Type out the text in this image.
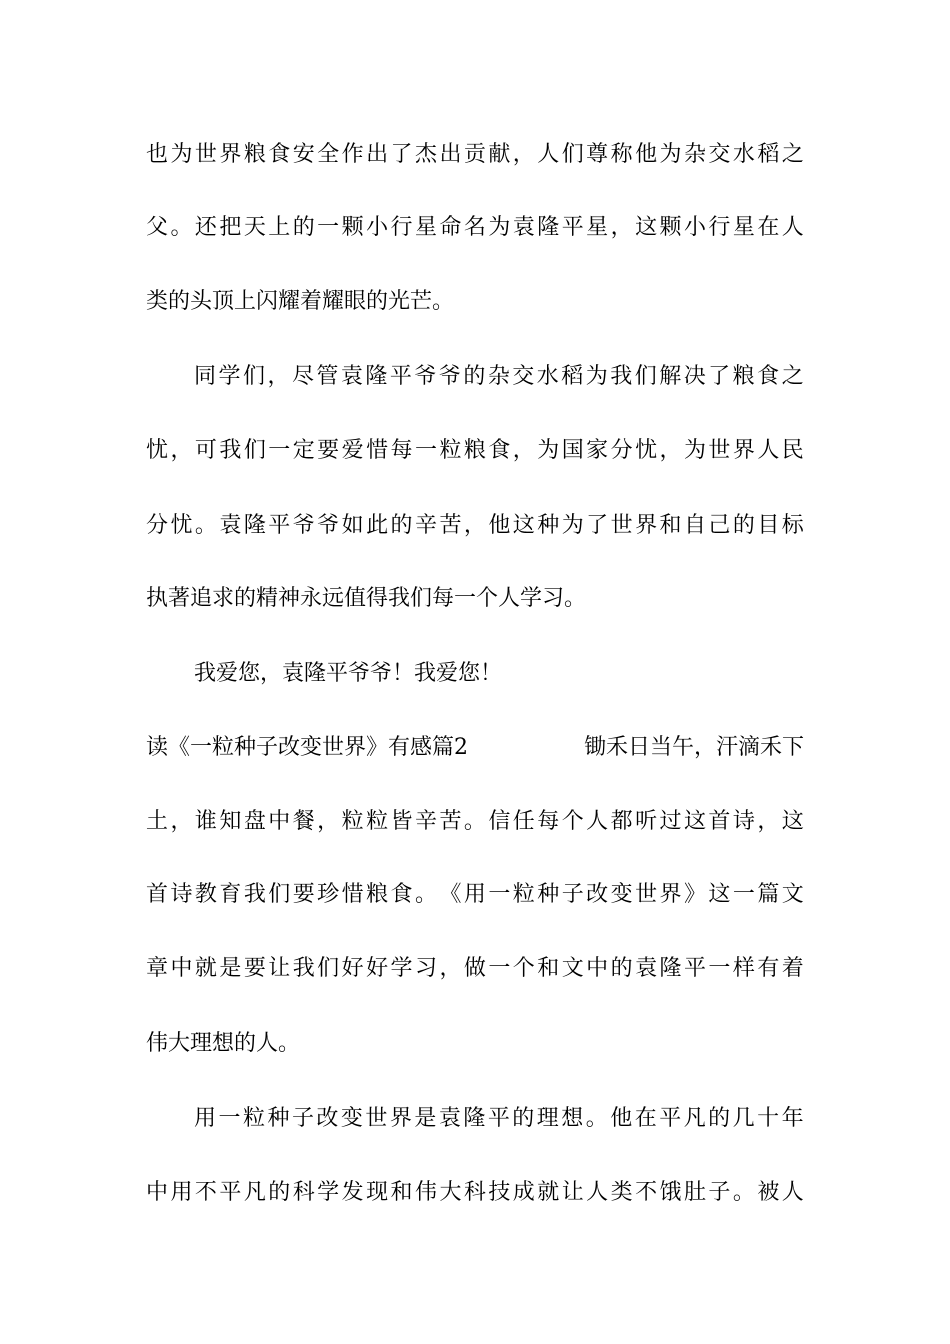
也 为 世 界 粮 食 安 全 作 出 了 杰 出 贡 献 ， 人 们 尊 称 他 为 杂 交 水 稻 之
父 。 还 把 天 上 的 一 颗 小 行 星 命 名 为 袁 隆 平 星 ， 这 颗 小 行 星 在 人
类的头顶上闪耀着耀眼的光芒。
同 学 们 ， 尽 管 袁 隆 平 爷 爷 的 杂 交 水 稻 为 我 们 解 决 了 粮 食 之
忧 ， 可 我 们 一 定 要 爱 惜 每 一 粒 粮 食 ， 为 国 家 分 忧 ， 为 世 界 人 民
分 忧 。 袁 隆 平 爷 爷 如 此 的 辛 苦 ， 他 这 种 为 了 世 界 和 自 己 的 目 标
执著追求的精神永远值得我们每一个人学习。
我爱您，袁隆平爷爷！我爱您！
读《一粒种子改变世界》有感篇2	锄禾日当午，汗滴禾下
土 ， 谁 知 盘 中 餐 ， 粒 粒 皆 辛 苦 。 信 任 每 个 人 都 听 过 这 首 诗 ， 这
首 诗 教 育 我 们 要 珍 惜 粮 食 。 《 用 一 粒 种 子 改 变 世 界 》 这 一 篇 文
章 中 就 是 要 让 我 们 好 好 学 习 ， 做 一 个 和 文 中 的 袁 隆 平 一 样 有 着
伟大理想的人。
用 一 粒 种 子 改 变 世 界 是 袁 隆 平 的 理 想 。 他 在 平 凡 的 几 十 年
中 用 不 平 凡 的 科 学 发 现 和 伟 大 科 技 成 就 让 人 类 不 饿 肚 子 。 被 人
